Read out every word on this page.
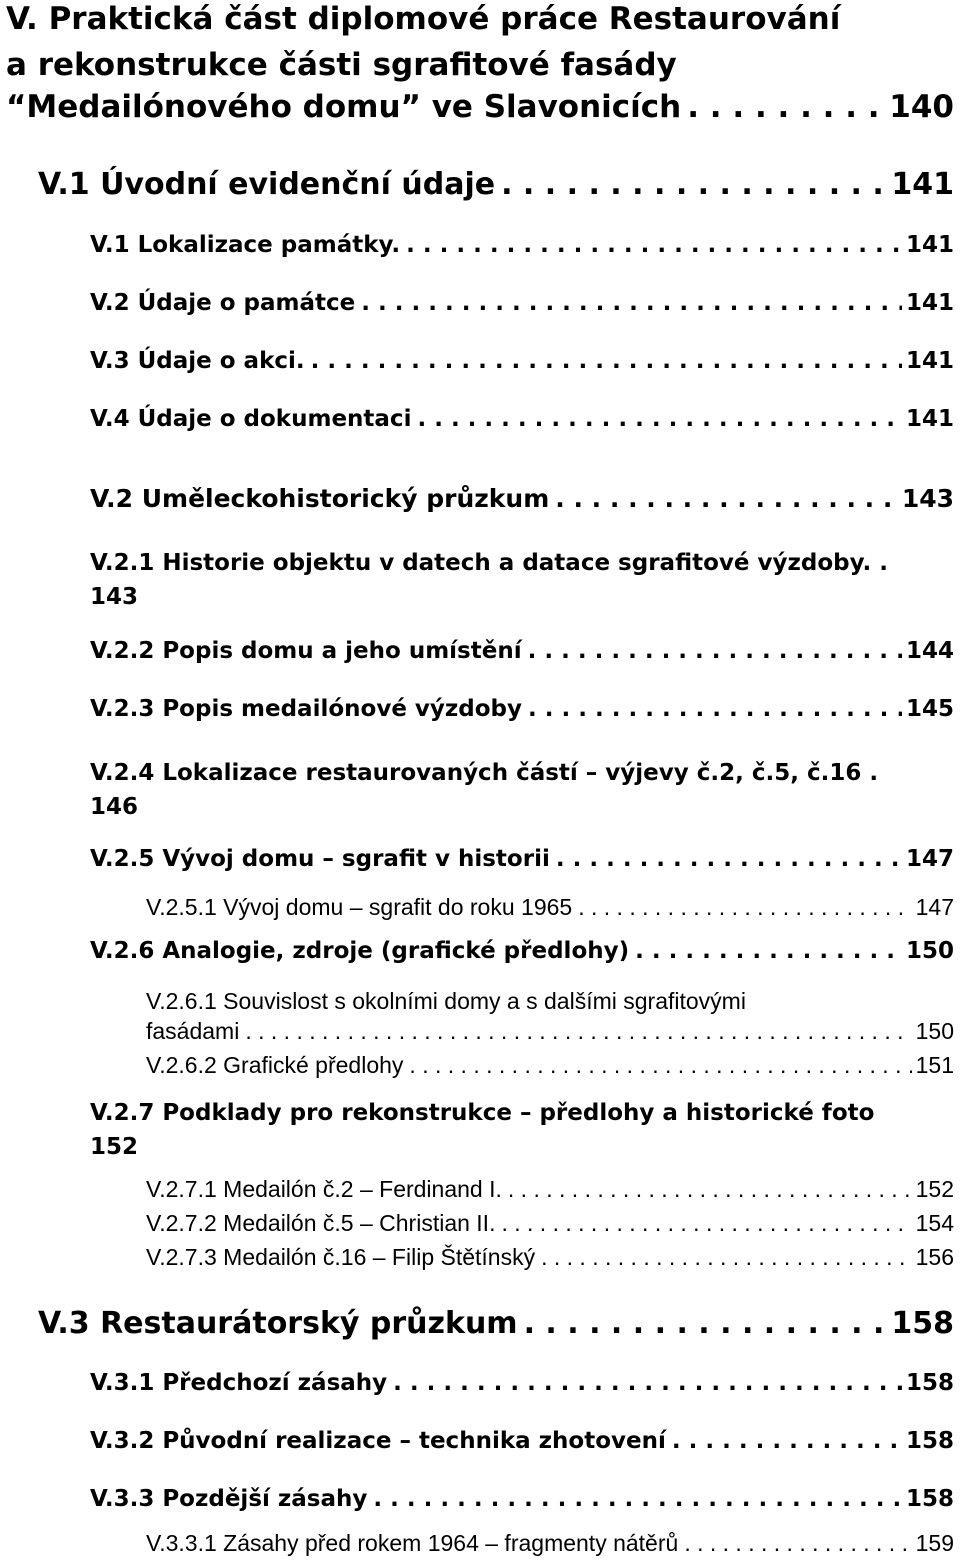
V. Praktická část diplomové práce Restaurování
a rekonstrukce části sgrafitové fasády
“Medailónového domu” ve Slavonicích . . .	140
V.1 Úvodní evidenční údaje . . .	141
V.1 Lokalizace památky. . . .	141
V.2 Údaje o památce . . .	141
V.3 Údaje o akci. . . .	141
V.4 Údaje o dokumentaci . . .	141
V.2 Uměleckohistorický průzkum . . .	143
V.2.1 Historie objektu v datech a datace sgrafitové výzdoby. .
143
V.2.2 Popis domu a jeho umístění . . .	144
V.2.3 Popis medailónové výzdoby . . .	145
V.2.4 Lokalizace restaurovaných částí – výjevy č.2, č.5, č.16 .
146
V.2.5 Vývoj domu – sgrafit v historii . . .	147
V.2.5.1 Vývoj domu – sgrafit do roku 1965 . . .	147
V.2.6 Analogie, zdroje (grafické předlohy) . . .	150
V.2.6.1 Souvislost s okolními domy a s dalšími sgrafitovými
fasádami . . .	150
V.2.6.2 Grafické předlohy . . .	151
V.2.7 Podklady pro rekonstrukce – předlohy a historické foto
152
V.2.7.1 Medailón č.2 – Ferdinand I. . . .	152
V.2.7.2 Medailón č.5 – Christian II. . . .	154
V.2.7.3 Medailón č.16 – Filip Štětínský . . .	156
V.3 Restaurátorský průzkum . . .	158
V.3.1 Předchozí zásahy . . .	158
V.3.2 Původní realizace – technika zhotovení . . .	158
V.3.3 Pozdější zásahy . . .	158
V.3.3.1 Zásahy před rokem 1964 – fragmenty nátěrů . . .	159
